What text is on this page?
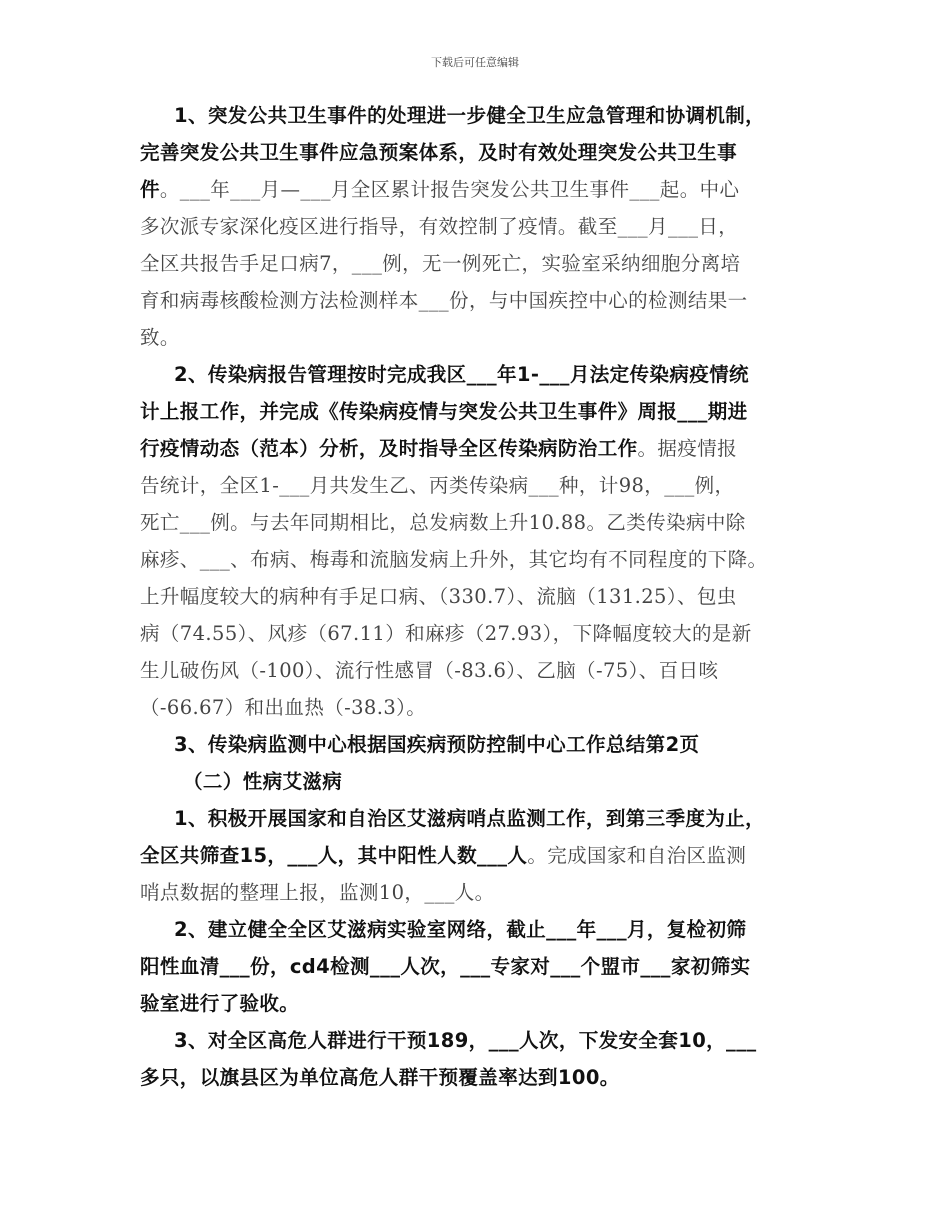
下载后可任意编辑
1、突发公共卫生事件的处理进一步健全卫生应急管理和协调机制，
完善突发公共卫生事件应急预案体系，及时有效处理突发公共卫生事
件。___年___月—___月全区累计报告突发公共卫生事件___起。中心
多次派专家深化疫区进行指导，有效控制了疫情。截至___月___日，
全区共报告手足口病7，___例，无一例死亡，实验室采纳细胞分离培
育和病毒核酸检测方法检测样本___份，与中国疾控中心的检测结果一
致。
2、传染病报告管理按时完成我区___年1-___月法定传染病疫情统
计上报工作，并完成《传染病疫情与突发公共卫生事件》周报___期进
行疫情动态（范本）分析，及时指导全区传染病防治工作。据疫情报
告统计，全区1-___月共发生乙、丙类传染病___种，计98，___例，
死亡___例。与去年同期相比，总发病数上升10.88。乙类传染病中除
麻疹、___、布病、梅毒和流脑发病上升外，其它均有不同程度的下降。
上升幅度较大的病种有手足口病、（330.7）、流脑（131.25）、包虫
病（74.55）、风疹（67.11）和麻疹（27.93），下降幅度较大的是新
生儿破伤风（-100）、流行性感冒（-83.6）、乙脑（-75）、百日咳
（-66.67）和出血热（-38.3）。
3、传染病监测中心根据国疾病预防控制中心工作总结第2页
（二）性病艾滋病
1、积极开展国家和自治区艾滋病哨点监测工作，到第三季度为止，
全区共筛查15，___人，其中阳性人数___人。完成国家和自治区监测
哨点数据的整理上报，监测10，___人。
2、建立健全全区艾滋病实验室网络，截止___年___月，复检初筛
阳性血清___份，cd4检测___人次，___专家对___个盟市___家初筛实
验室进行了验收。
3、对全区高危人群进行干预189，___人次，下发安全套10，___
多只，以旗县区为单位高危人群干预覆盖率达到100。
